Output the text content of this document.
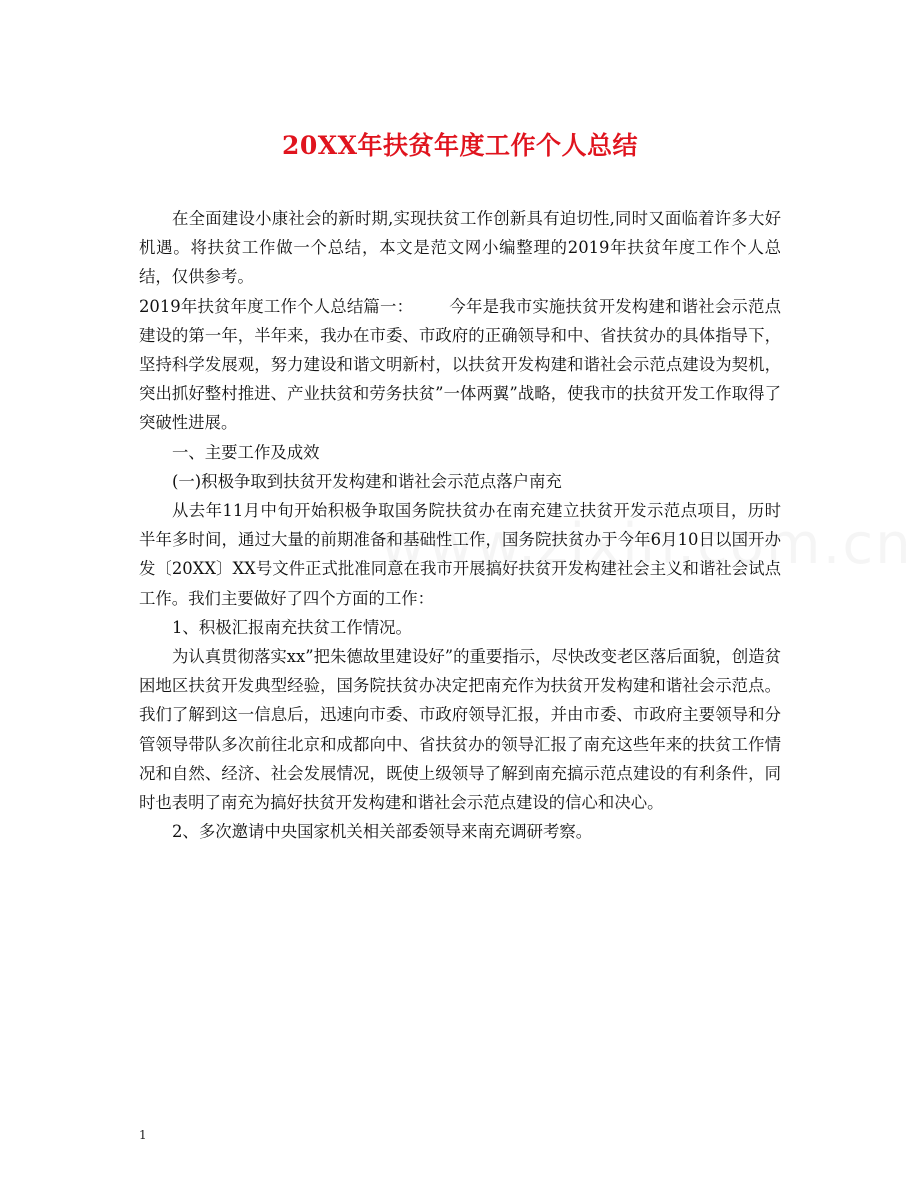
20XX年扶贫年度工作个人总结

在全面建设小康社会的新时期,实现扶贫工作创新具有迫切性,同时又面临着许多大好机遇。将扶贫工作做一个总结，本文是范文网小编整理的2019年扶贫年度工作个人总结，仅供参考。

2019年扶贫年度工作个人总结篇一： 今年是我市实施扶贫开发构建和谐社会示范点建设的第一年，半年来，我办在市委、市政府的正确领导和中、省扶贫办的具体指导下，坚持科学发展观，努力建设和谐文明新村，以扶贫开发构建和谐社会示范点建设为契机，突出抓好整村推进、产业扶贫和劳务扶贫”一体两翼”战略，使我市的扶贫开发工作取得了突破性进展。

一、主要工作及成效

(一)积极争取到扶贫开发构建和谐社会示范点落户南充

从去年11月中旬开始积极争取国务院扶贫办在南充建立扶贫开发示范点项目，历时半年多时间，通过大量的前期准备和基础性工作，国务院扶贫办于今年6月10日以国开办发〔20XX〕XX号文件正式批准同意在我市开展搞好扶贫开发构建社会主义和谐社会试点工作。我们主要做好了四个方面的工作：

1、积极汇报南充扶贫工作情况。

为认真贯彻落实xx”把朱德故里建设好”的重要指示，尽快改变老区落后面貌，创造贫困地区扶贫开发典型经验，国务院扶贫办决定把南充作为扶贫开发构建和谐社会示范点。我们了解到这一信息后，迅速向市委、市政府领导汇报，并由市委、市政府主要领导和分管领导带队多次前往北京和成都向中、省扶贫办的领导汇报了南充这些年来的扶贫工作情况和自然、经济、社会发展情况，既使上级领导了解到南充搞示范点建设的有利条件，同时也表明了南充为搞好扶贫开发构建和谐社会示范点建设的信心和决心。

2、多次邀请中央国家机关相关部委领导来南充调研考察。

1
